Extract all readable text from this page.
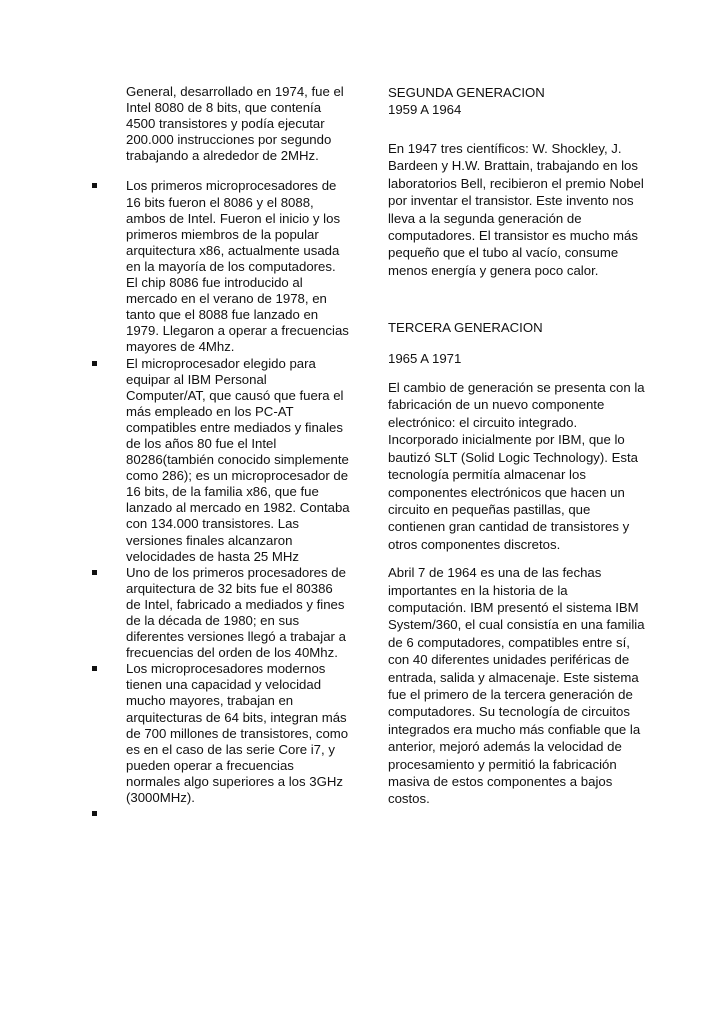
General, desarrollado en 1974, fue el Intel 8080 de 8 bits, que contenía 4500 transistores y podía ejecutar 200.000 instrucciones por segundo trabajando a alrededor de 2MHz.

Los primeros microprocesadores de 16 bits fueron el 8086 y el 8088, ambos de Intel. Fueron el inicio y los primeros miembros de la popular arquitectura x86, actualmente usada en la mayoría de los computadores. El chip 8086 fue introducido al mercado en el verano de 1978, en tanto que el 8088 fue lanzado en 1979. Llegaron a operar a frecuencias mayores de 4Mhz.

El microprocesador elegido para equipar al IBM Personal Computer/AT, que causó que fuera el más empleado en los PC-AT compatibles entre mediados y finales de los años 80 fue el Intel 80286(también conocido simplemente como 286); es un microprocesador de 16 bits, de la familia x86, que fue lanzado al mercado en 1982. Contaba con 134.000 transistores. Las versiones finales alcanzaron velocidades de hasta 25 MHz

Uno de los primeros procesadores de arquitectura de 32 bits fue el 80386 de Intel, fabricado a mediados y fines de la década de 1980; en sus diferentes versiones llegó a trabajar a frecuencias del orden de los 40Mhz.

Los microprocesadores modernos tienen una capacidad y velocidad mucho mayores, trabajan en arquitecturas de 64 bits, integran más de 700 millones de transistores, como es en el caso de las serie Core i7, y pueden operar a frecuencias normales algo superiores a los 3GHz (3000MHz).

SEGUNDA GENERACION
1959 A 1964

En 1947 tres científicos: W. Shockley, J. Bardeen y H.W. Brattain, trabajando en los laboratorios Bell, recibieron el premio Nobel por inventar el transistor. Este invento nos lleva a la segunda generación de computadores. El transistor es mucho más pequeño que el tubo al vacío, consume menos energía y genera poco calor.

TERCERA GENERACION
1965 A 1971

El cambio de generación se presenta con la fabricación de un nuevo componente electrónico: el circuito integrado. Incorporado inicialmente por IBM, que lo bautizó SLT (Solid Logic Technology). Esta tecnología permitía almacenar los componentes electrónicos que hacen un circuito en pequeñas pastillas, que contienen gran cantidad de transistores y otros componentes discretos.

Abril 7 de 1964 es una de las fechas importantes en la historia de la computación. IBM presentó el sistema IBM System/360, el cual consistía en una familia de 6 computadores, compatibles entre sí, con 40 diferentes unidades periféricas de entrada, salida y almacenaje. Este sistema fue el primero de la tercera generación de computadores. Su tecnología de circuitos integrados era mucho más confiable que la anterior, mejoró además la velocidad de procesamiento y permitió la fabricación masiva de estos componentes a bajos costos.
